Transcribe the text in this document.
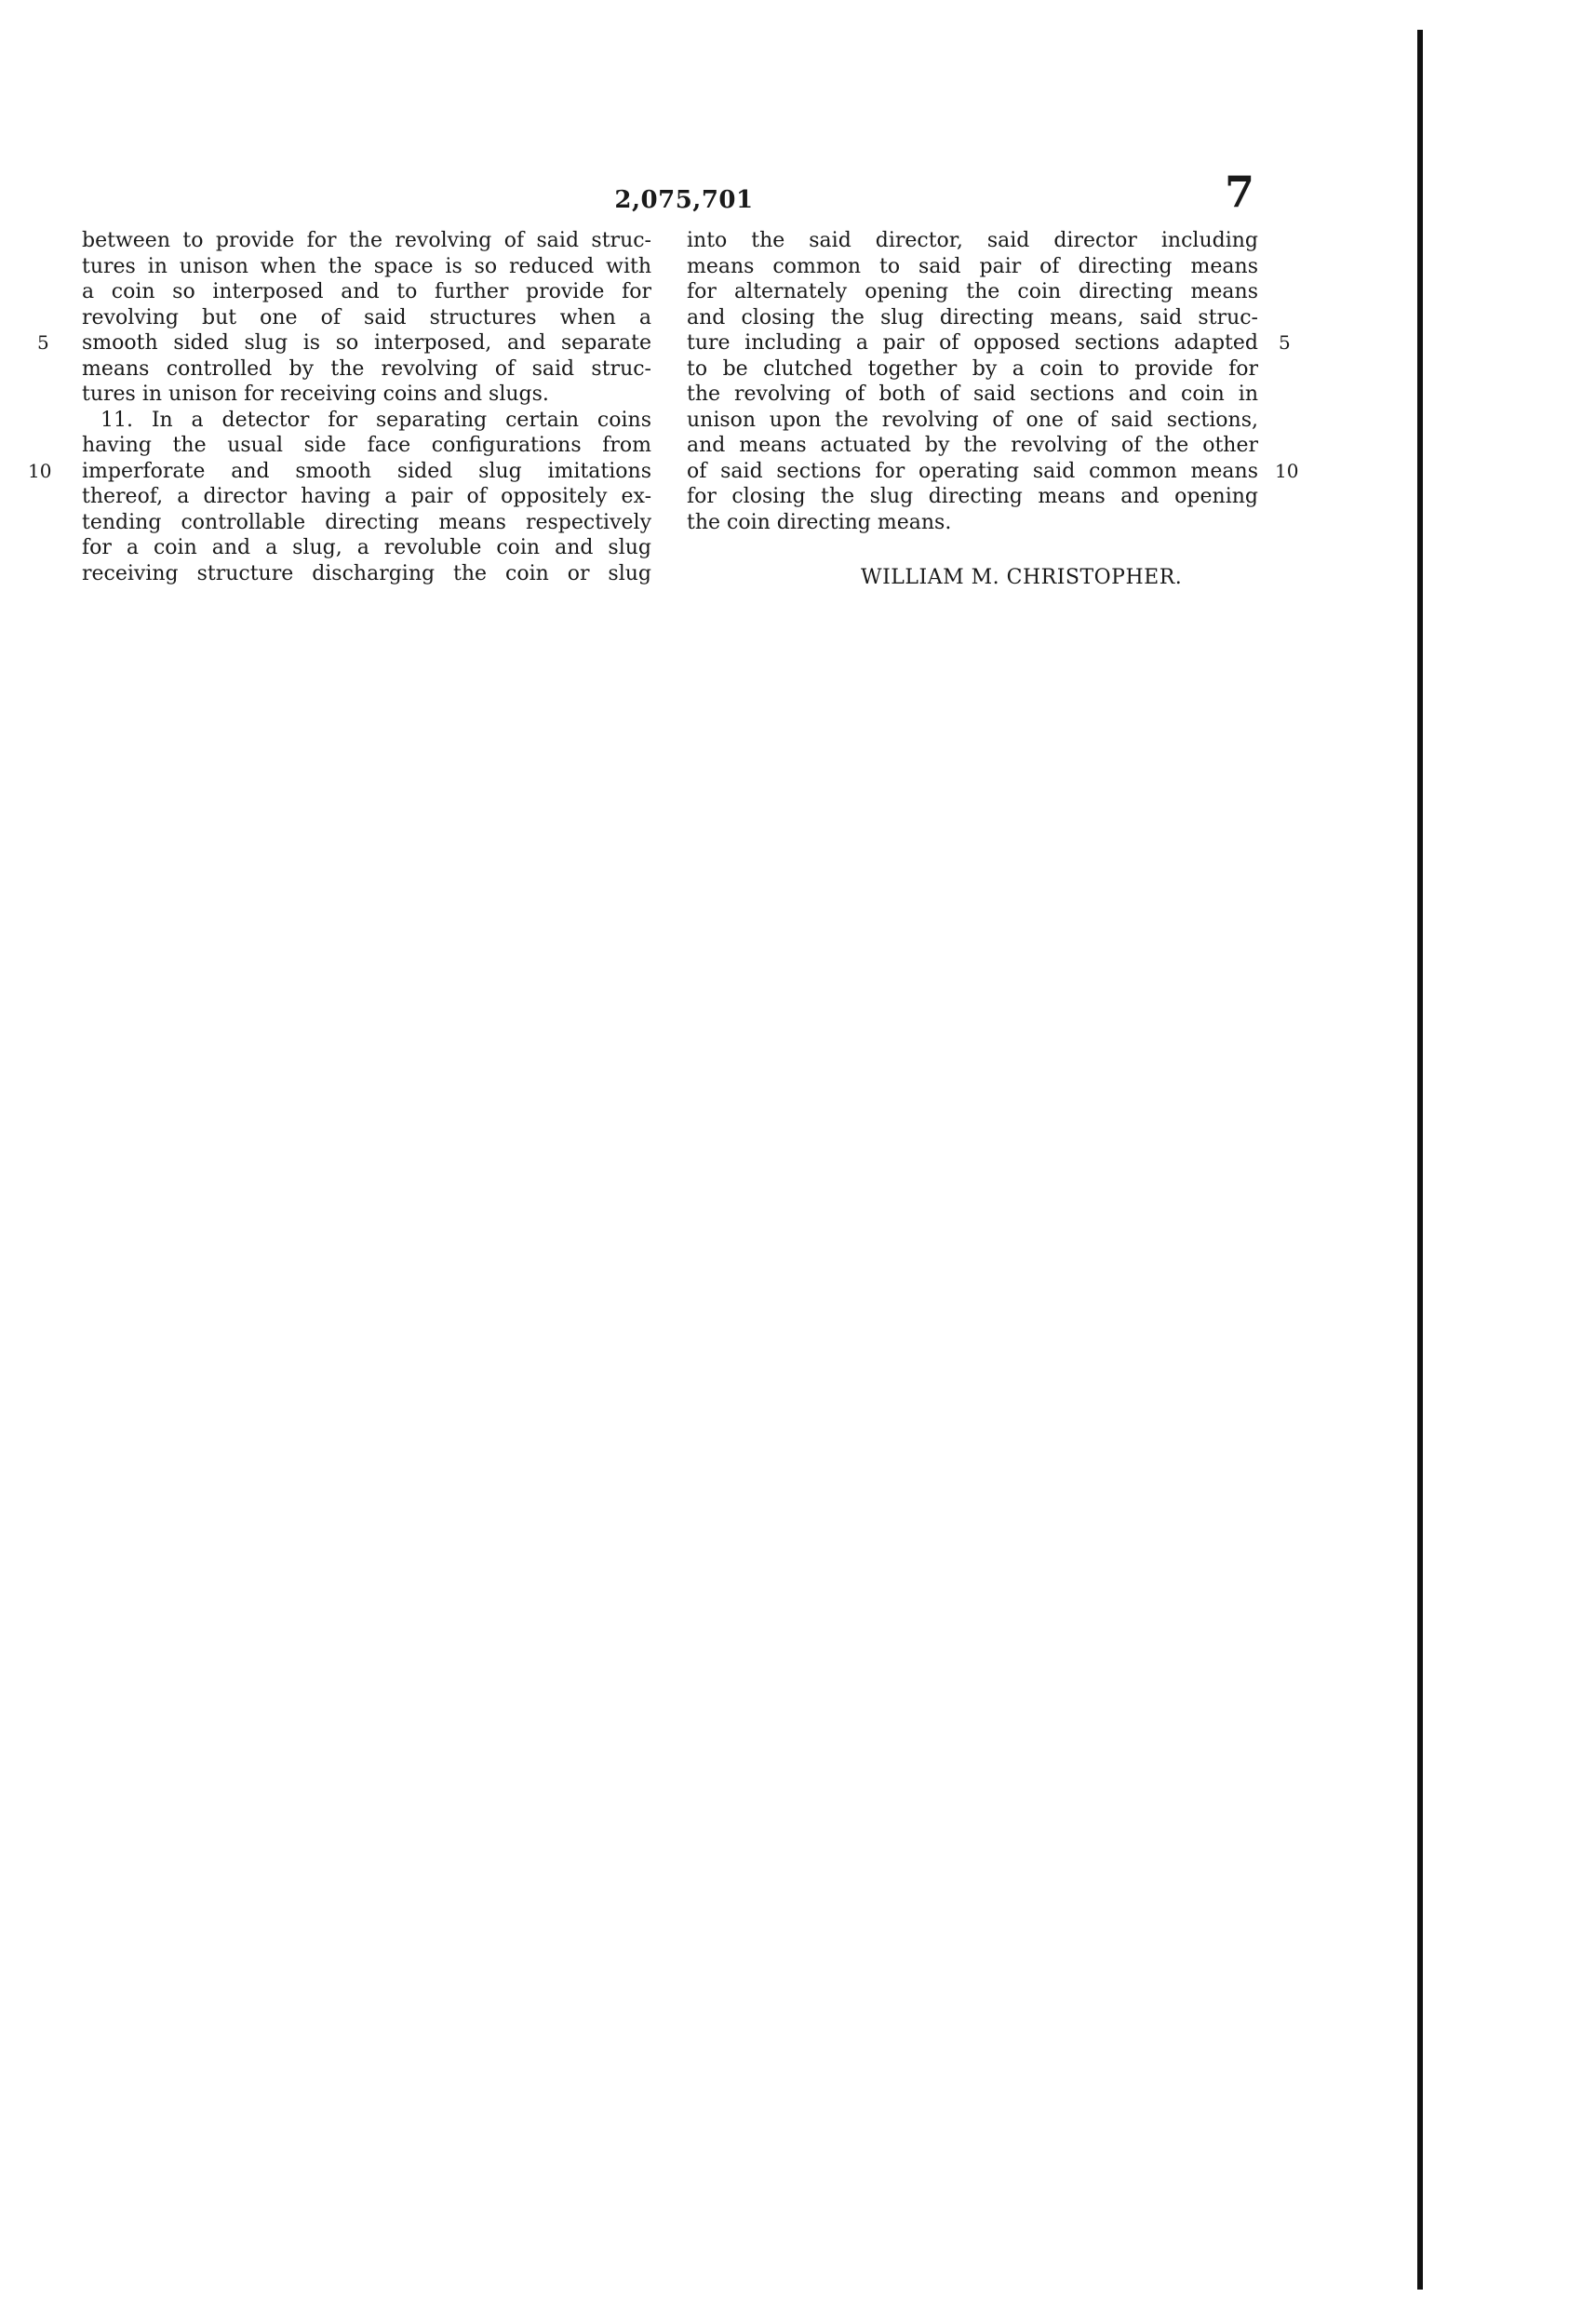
2,075,701	7
5
10
5
10
between to provide for the revolving of said struc-
tures in unison when the space is so reduced with
a coin so interposed and to further provide for
revolving but one of said structures when a
smooth sided slug is so interposed, and separate
means controlled by the revolving of said struc-
tures in unison for receiving coins and slugs.
11. In a detector for separating certain coins
having the usual side face configurations from
imperforate and smooth sided slug imitations
thereof, a director having a pair of oppositely ex-
tending controllable directing means respectively
for a coin and a slug, a revoluble coin and slug
receiving structure discharging the coin or slug
into the said director, said director including
means common to said pair of directing means
for alternately opening the coin directing means
and closing the slug directing means, said struc-
ture including a pair of opposed sections adapted
to be clutched together by a coin to provide for
the revolving of both of said sections and coin in
unison upon the revolving of one of said sections,
and means actuated by the revolving of the other
of said sections for operating said common means
for closing the slug directing means and opening
the coin directing means.
WILLIAM M. CHRISTOPHER.
